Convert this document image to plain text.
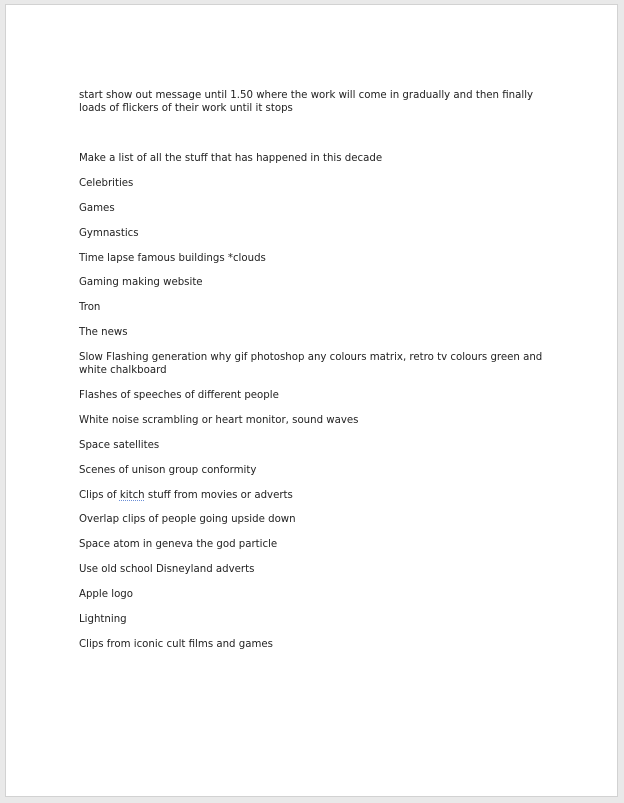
start show out message until 1.50 where the work will come in gradually and then finally loads of flickers of their work until it stops

Make a list of all the stuff that has happened in this decade

Celebrities

Games

Gymnastics

Time lapse famous buildings *clouds

Gaming making website

Tron

The news

Slow Flashing generation why gif photoshop any colours matrix, retro tv colours green and white chalkboard

Flashes of speeches of different people

White noise scrambling or heart monitor, sound waves

Space satellites

Scenes of unison group conformity

Clips of kitch stuff from movies or adverts

Overlap clips of people going upside down

Space atom in geneva the god particle

Use old school Disneyland adverts

Apple logo

Lightning

Clips from iconic cult films and games
